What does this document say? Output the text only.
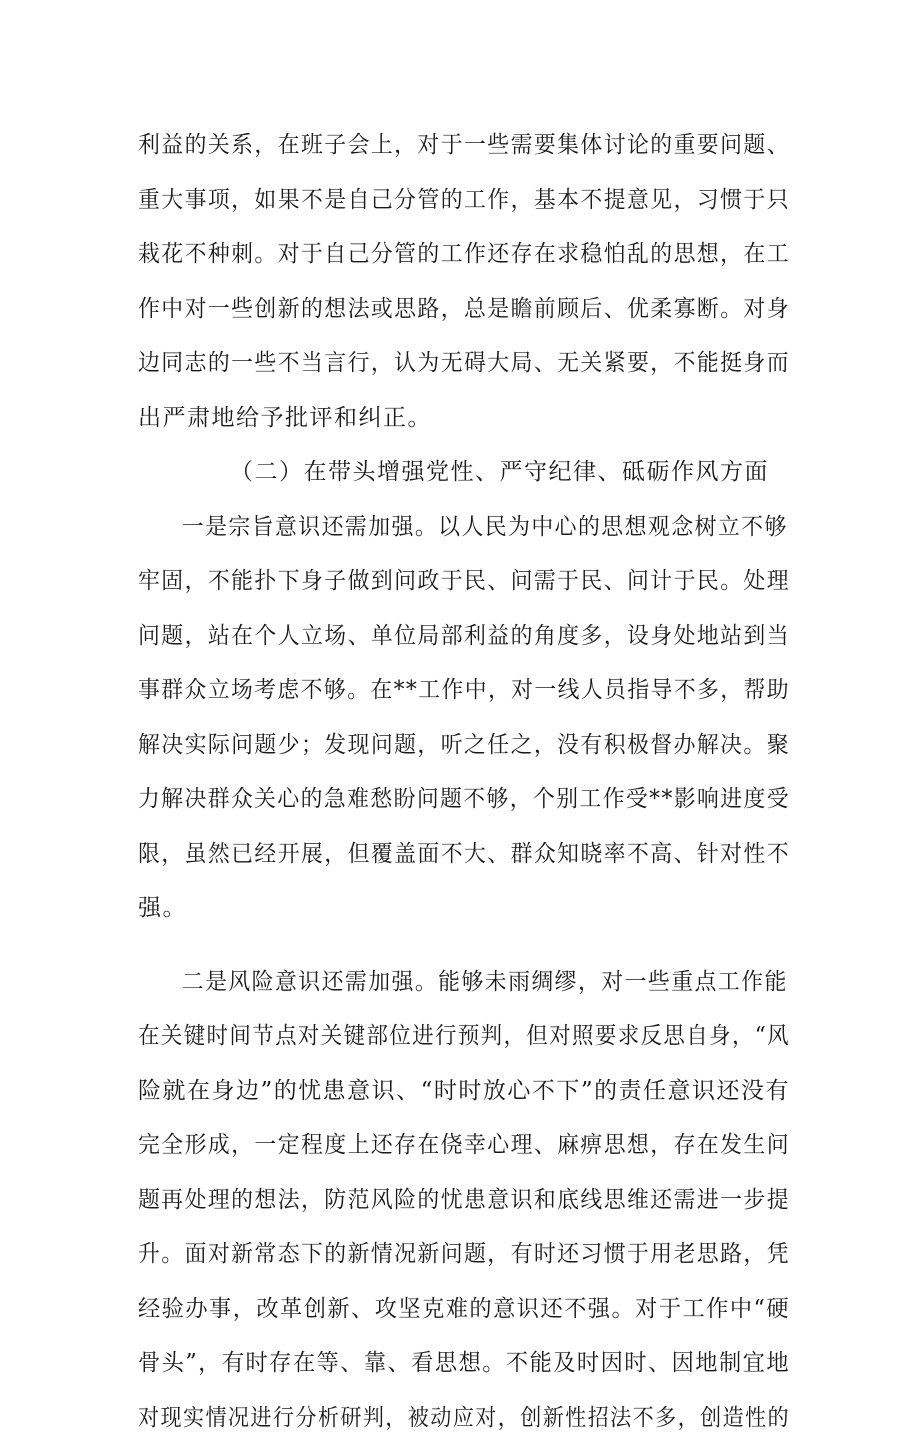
利益的关系，在班子会上，对于一些需要集体讨论的重要问题、
重大事项，如果不是自己分管的工作，基本不提意见，习惯于只
栽花不种刺。对于自己分管的工作还存在求稳怕乱的思想，在工
作中对一些创新的想法或思路，总是瞻前顾后、优柔寡断。对身
边同志的一些不当言行，认为无碍大局、无关紧要，不能挺身而
出严肃地给予批评和纠正。
（二）在带头增强党性、严守纪律、砥砺作风方面
一是宗旨意识还需加强。以人民为中心的思想观念树立不够
牢固，不能扑下身子做到问政于民、问需于民、问计于民。处理
问题，站在个人立场、单位局部利益的角度多，设身处地站到当
事群众立场考虑不够。在**工作中，对一线人员指导不多，帮助
解决实际问题少；发现问题，听之任之，没有积极督办解决。聚
力解决群众关心的急难愁盼问题不够，个别工作受**影响进度受
限，虽然已经开展，但覆盖面不大、群众知晓率不高、针对性不
强。
二是风险意识还需加强。能够未雨绸缪，对一些重点工作能
在关键时间节点对关键部位进行预判，但对照要求反思自身，“风
险就在身边”的忧患意识、“时时放心不下”的责任意识还没有
完全形成，一定程度上还存在侥幸心理、麻痹思想，存在发生问
题再处理的想法，防范风险的忧患意识和底线思维还需进一步提
升。面对新常态下的新情况新问题，有时还习惯于用老思路，凭
经验办事，改革创新、攻坚克难的意识还不强。对于工作中“硬
骨头”，有时存在等、靠、看思想。不能及时因时、因地制宜地
对现实情况进行分析研判，被动应对，创新性招法不多，创造性的
